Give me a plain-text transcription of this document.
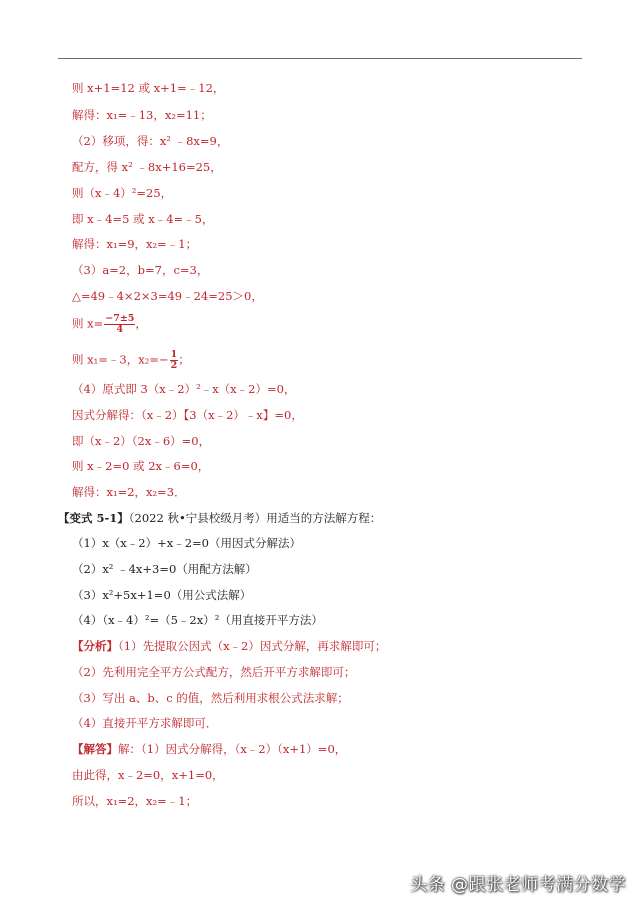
则 x+1=12 或 x+1=﹣12，
解得：x₁=﹣13，x₂=11；
（2）移项，得：x² ﹣8x=9，
配方，得 x² ﹣8x+16=25，
则（x﹣4）²=25，
即 x﹣4=5 或 x﹣4=﹣5，
解得：x₁=9，x₂=﹣1；
（3）a=2，b=7，c=3，
△=49﹣4×2×3=49﹣24=25＞0，
则 $x= \frac{-7\pm 5}{4}$ ，
则 x₁=﹣3，$x_2=- \frac{1}{2}$ ；
（4）原式即 3（x﹣2）²﹣x（x﹣2）=0，
因式分解得：（x﹣2）【3（x﹣2）﹣x】=0，
即（x﹣2）（2x﹣6）=0，
则 x﹣2=0 或 2x﹣6=0，
解得：x₁=2，x₂=3．
【变式 5-1】（2022 秋•宁县校级月考）用适当的方法解方程：
（1）x（x﹣2）+x﹣2=0（用因式分解法）
（2）x² ﹣4x+3=0（用配方法解）
（3）x²+5x+1=0（用公式法解）
（4）（x﹣4）²=（5﹣2x）²（用直接开平方法）
【分析】（1）先提取公因式（x﹣2）因式分解，再求解即可；
（2）先利用完全平方公式配方，然后开平方求解即可；
（3）写出 a、b、c 的值，然后利用求根公式法求解；
（4）直接开平方求解即可．
【解答】解：（1）因式分解得，（x﹣2）（x+1）=0，
由此得，x﹣2=0，x+1=0，
所以，x₁=2，x₂=﹣1；
头条 @跟张老师考满分数学
